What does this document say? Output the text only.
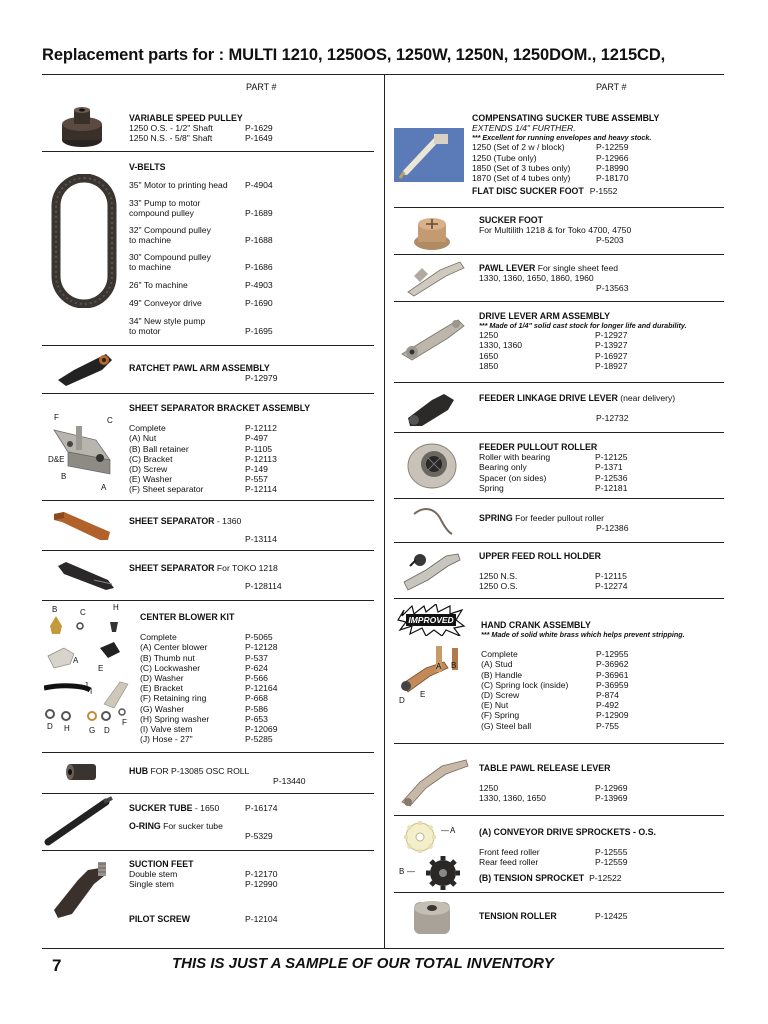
Replacement parts for : MULTI 1210, 1250OS, 1250W, 1250N, 1250DOM., 1215CD,
PART #	PART #
VARIABLE SPEED PULLEY
1250 O.S. - 1/2" Shaft	P-1629
1250 N.S. - 5/8" Shaft	P-1649
V-BELTS
35" Motor to printing head	P-4904
33" Pump to motor
compound pulley	P-1689
32" Compound pulley
to machine	P-1688
30" Compound pulley
to machine	P-1686
26" To machine	P-4903
49" Conveyor drive	P-1690
34" New style pump
to motor	P-1695
RATCHET PAWL ARM ASSEMBLY
P-12979
F	C
D&E
B
A
SHEET SEPARATOR BRACKET ASSEMBLY
Complete	P-12112
(A) Nut	P-497
(B) Ball retainer	P-1105
(C) Bracket	P-12113
(D) Screw	P-149
(E) Washer	P-557
(F) Sheet separator	P-12114
SHEET SEPARATOR - 1360
P-13114
SHEET SEPARATOR For TOKO 1218
P-128114
B	C
H
A
E
J
I
D H G D
F
CENTER BLOWER KIT
Complete	P-5065
(A) Center blower	P-12128
(B) Thumb nut	P-537
(C) Lockwasher	P-624
(D) Washer	P-566
(E) Bracket	P-12164
(F) Retaining ring	P-668
(G) Washer	P-586
(H) Spring washer	P-653
(I) Valve stem	P-12069
(J) Hose - 27"	P-5285
HUB FOR P-13085 OSC ROLL
P-13440
SUCKER TUBE - 1650	P-16174
O-RING For sucker tube
P-5329
SUCTION FEET
Double stem	P-12170
Single stem	P-12990
PILOT SCREW	P-12104
COMPENSATING SUCKER TUBE ASSEMBLY
EXTENDS 1/4" FURTHER.
*** Excellent for running envelopes and heavy stock.
1250 (Set of 2 w / block)	P-12259
1250 (Tube only)	P-12966
1850 (Set of 3 tubes only)	P-18990
1870 (Set of 4 tubes only)	P-18170
FLAT DISC SUCKER FOOT P-1552
SUCKER FOOT
For Multilith 1218 & for Toko 4700, 4750
P-5203
PAWL LEVER For single sheet feed
1330, 1360, 1650, 1860, 1960
P-13563
DRIVE LEVER ARM ASSEMBLY
*** Made of 1/4" solid cast stock for longer life and durability.
1250	P-12927
1330, 1360	P-13927
1650	P-16927
1850	P-18927
FEEDER LINKAGE DRIVE LEVER (near delivery)
P-12732
FEEDER PULLOUT ROLLER
Roller with bearing	P-12125
Bearing only	P-1371
Spacer (on sides)	P-12536
Spring	P-12181
SPRING For feeder pullout roller
P-12386
UPPER FEED ROLL HOLDER
1250 N.S.	P-12115
1250 O.S.	P-12274
IMPROVED
A B
E
D
HAND CRANK ASSEMBLY
*** Made of solid white brass which helps prevent stripping.
Complete	P-12955
(A) Stud	P-36962
(B) Handle	P-36961
(C) Spring lock (inside)	P-36959
(D) Screw	P-874
(E) Nut	P-492
(F) Spring	P-12909
(G) Steel ball	P-755
TABLE PAWL RELEASE LEVER
1250	P-12969
1330, 1360, 1650	P-13969
— A
B —
(A) CONVEYOR DRIVE SPROCKETS - O.S.
Front feed roller	P-12555
Rear feed roller	P-12559
(B) TENSION SPROCKET P-12522
TENSION ROLLER	P-12425
7	THIS IS JUST A SAMPLE OF OUR TOTAL INVENTORY
